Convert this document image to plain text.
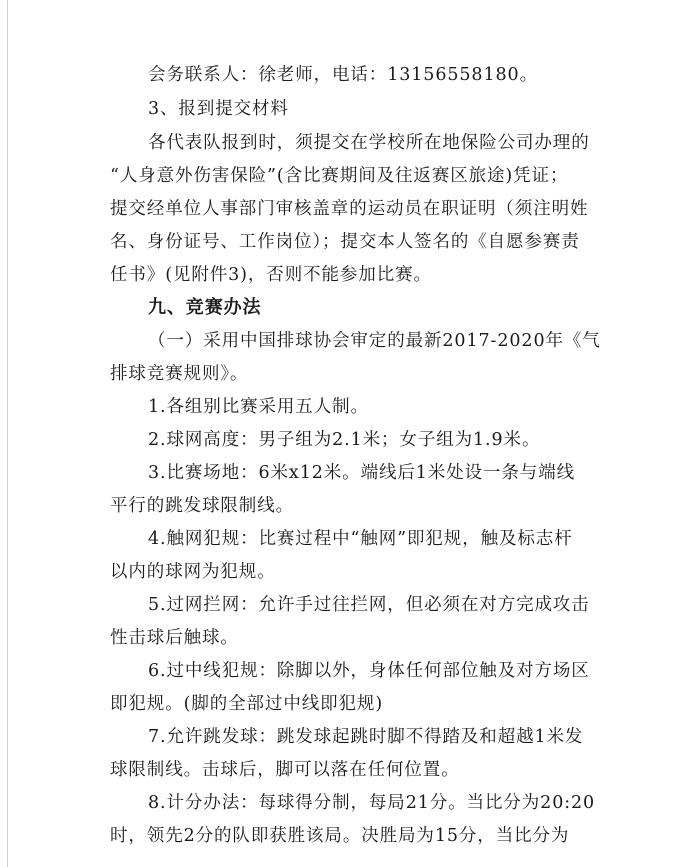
会务联系人：徐老师，电话：13156558180。
3、报到提交材料
各代表队报到时，须提交在学校所在地保险公司办理的
“人身意外伤害保险”(含比赛期间及往返赛区旅途)凭证；
提交经单位人事部门审核盖章的运动员在职证明（须注明姓
名、身份证号、工作岗位）；提交本人签名的《自愿参赛责
任书》(见附件3)，否则不能参加比赛。
九、竞赛办法
（一）采用中国排球协会审定的最新2017-2020年《气
排球竞赛规则》。
1.各组别比赛采用五人制。
2.球网高度：男子组为2.1米；女子组为1.9米。
3.比赛场地：6米x12米。端线后1米处设一条与端线
平行的跳发球限制线。
4.触网犯规：比赛过程中“触网”即犯规，触及标志杆
以内的球网为犯规。
5.过网拦网：允许手过往拦网，但必须在对方完成攻击
性击球后触球。
6.过中线犯规：除脚以外，身体任何部位触及对方场区
即犯规。(脚的全部过中线即犯规)
7.允许跳发球：跳发球起跳时脚不得踏及和超越1米发
球限制线。击球后，脚可以落在任何位置。
8.计分办法：每球得分制，每局21分。当比分为20:20
时，领先2分的队即获胜该局。决胜局为15分，当比分为
